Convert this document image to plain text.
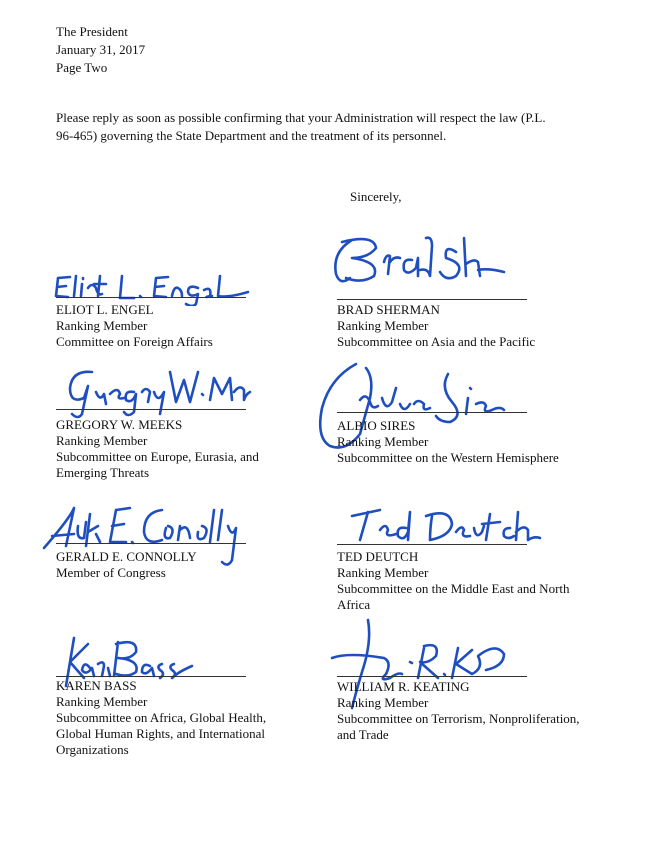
The President
January 31, 2017
Page Two
Please reply as soon as possible confirming that your Administration will respect the law (P.L.
96-465) governing the State Department and the treatment of its personnel.
Sincerely,
ELIOT L. ENGEL
Ranking Member
Committee on Foreign Affairs
BRAD SHERMAN
Ranking Member
Subcommittee on Asia and the Pacific
GREGORY W. MEEKS
Ranking Member
Subcommittee on Europe, Eurasia, and
Emerging Threats
ALBIO SIRES
Ranking Member
Subcommittee on the Western Hemisphere
GERALD E. CONNOLLY
Member of Congress
TED DEUTCH
Ranking Member
Subcommittee on the Middle East and North
Africa
KAREN BASS
Ranking Member
Subcommittee on Africa, Global Health,
Global Human Rights, and International
Organizations
WILLIAM R. KEATING
Ranking Member
Subcommittee on Terrorism, Nonproliferation,
and Trade
